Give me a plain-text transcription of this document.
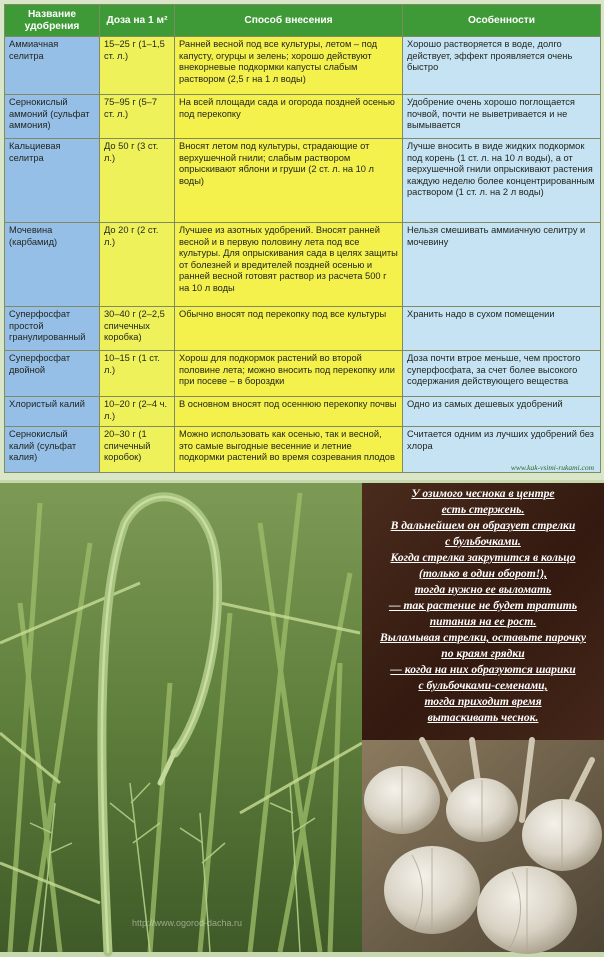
Название удобрения	Доза на 1 м²	Способ внесения	Особенности
Аммиачная селитра	15–25 г (1–1,5 ст. л.)	Ранней весной под все культуры, летом – под капусту, огурцы и зелень; хорошо действуют внекорневые подкормки капусты слабым раствором (2,5 г на 1 л воды)	Хорошо растворяется в воде, долго действует, эффект проявляется очень быстро
Сернокислый аммоний (сульфат аммония)	75–95 г (5–7 ст. л.)	На всей площади сада и огорода поздней осенью под перекопку	Удобрение очень хорошо поглощается почвой, почти не выветривается и не вымывается
Кальциевая селитра	До 50 г (3 ст. л.)	Вносят летом под культуры, страдающие от верхушечной гнили; слабым раствором опрыскивают яблони и груши (2 ст. л. на 10 л воды)	Лучше вносить в виде жидких подкормок под корень (1 ст. л. на 10 л воды), а от верхушечной гнили опрыскивают растения каждую неделю более концентрированным раствором (1 ст. л. на 2 л воды)
Мочевина (карбамид)	До 20 г (2 ст. л.)	Лучшее из азотных удобрений. Вносят ранней весной и в первую половину лета под все культуры. Для опрыскивания сада в целях защиты от болезней и вредителей поздней осенью и ранней весной готовят раствор из расчета 500 г на 10 л воды	Нельзя смешивать аммиачную селитру и мочевину
Суперфосфат простой гранулированный	30–40 г (2–2,5 спичечных коробка)	Обычно вносят под перекопку под все культуры	Хранить надо в сухом помещении
Суперфосфат двойной	10–15 г (1 ст. л.)	Хорош для подкормок растений во второй половине лета; можно вносить под перекопку или при посеве – в бороздки	Доза почти втрое меньше, чем простого суперфосфата, за счет более высокого содержания действующего вещества
Хлористый калий	10–20 г (2–4 ч. л.)	В основном вносят под осеннюю перекопку почвы	Одно из самых дешевых удобрений
Сернокислый калий (сульфат калия)	20–30 г (1 спичечный коробок)	Можно использовать как осенью, так и весной, это самые выгодные весенние и летние подкормки растений во время созревания плодов	Считается одним из лучших удобрений без хлора
www.kak-vsimi-rukami.com
У озимого чеснока в центре
есть стержень.
В дальнейшем он образует стрелки
с бульбочками.
Когда стрелка закрутится в кольцо
(только в один оборот!),
тогда нужно ее выломать
— так растение не будет тратить
питания на ее рост.
Выламывая стрелки, оставьте парочку
по краям грядки
— когда на них образуются шарики
с бульбочками-семенами,
тогда приходит время
вытаскивать чеснок.
http://www.ogorod-dacha.ru
